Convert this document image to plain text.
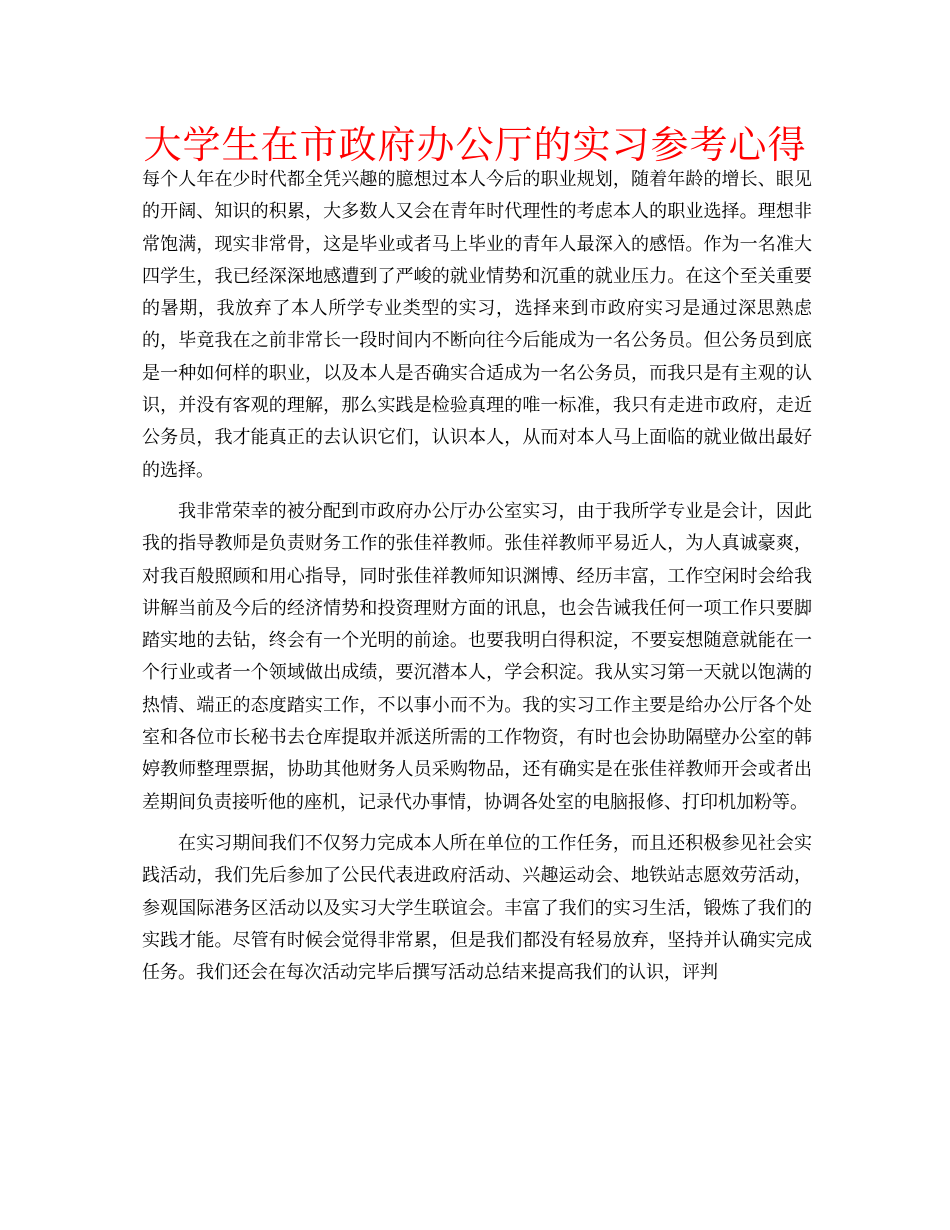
大学生在市政府办公厅的实习参考心得

每个人年在少时代都全凭兴趣的臆想过本人今后的职业规划，随着年龄的增长、眼见的开阔、知识的积累，大多数人又会在青年时代理性的考虑本人的职业选择。理想非常饱满，现实非常骨，这是毕业或者马上毕业的青年人最深入的感悟。作为一名准大四学生，我已经深深地感遭到了严峻的就业情势和沉重的就业压力。在这个至关重要的暑期，我放弃了本人所学专业类型的实习，选择来到市政府实习是通过深思熟虑的，毕竟我在之前非常长一段时间内不断向往今后能成为一名公务员。但公务员到底是一种如何样的职业，以及本人是否确实合适成为一名公务员，而我只是有主观的认识，并没有客观的理解，那么实践是检验真理的唯一标准，我只有走进市政府，走近公务员，我才能真正的去认识它们，认识本人，从而对本人马上面临的就业做出最好的选择。

我非常荣幸的被分配到市政府办公厅办公室实习，由于我所学专业是会计，因此我的指导教师是负责财务工作的张佳祥教师。张佳祥教师平易近人，为人真诚豪爽，对我百般照顾和用心指导，同时张佳祥教师知识渊博、经历丰富，工作空闲时会给我讲解当前及今后的经济情势和投资理财方面的讯息，也会告诫我任何一项工作只要脚踏实地的去钻，终会有一个光明的前途。也要我明白得积淀，不要妄想随意就能在一个行业或者一个领域做出成绩，要沉潜本人，学会积淀。我从实习第一天就以饱满的热情、端正的态度踏实工作，不以事小而不为。我的实习工作主要是给办公厅各个处室和各位市长秘书去仓库提取并派送所需的工作物资，有时也会协助隔壁办公室的韩婷教师整理票据，协助其他财务人员采购物品，还有确实是在张佳祥教师开会或者出差期间负责接听他的座机，记录代办事情，协调各处室的电脑报修、打印机加粉等。

在实习期间我们不仅努力完成本人所在单位的工作任务，而且还积极参见社会实践活动，我们先后参加了公民代表进政府活动、兴趣运动会、地铁站志愿效劳活动，参观国际港务区活动以及实习大学生联谊会。丰富了我们的实习生活，锻炼了我们的实践才能。尽管有时候会觉得非常累，但是我们都没有轻易放弃，坚持并认确实完成任务。我们还会在每次活动完毕后撰写活动总结来提高我们的认识，评判
